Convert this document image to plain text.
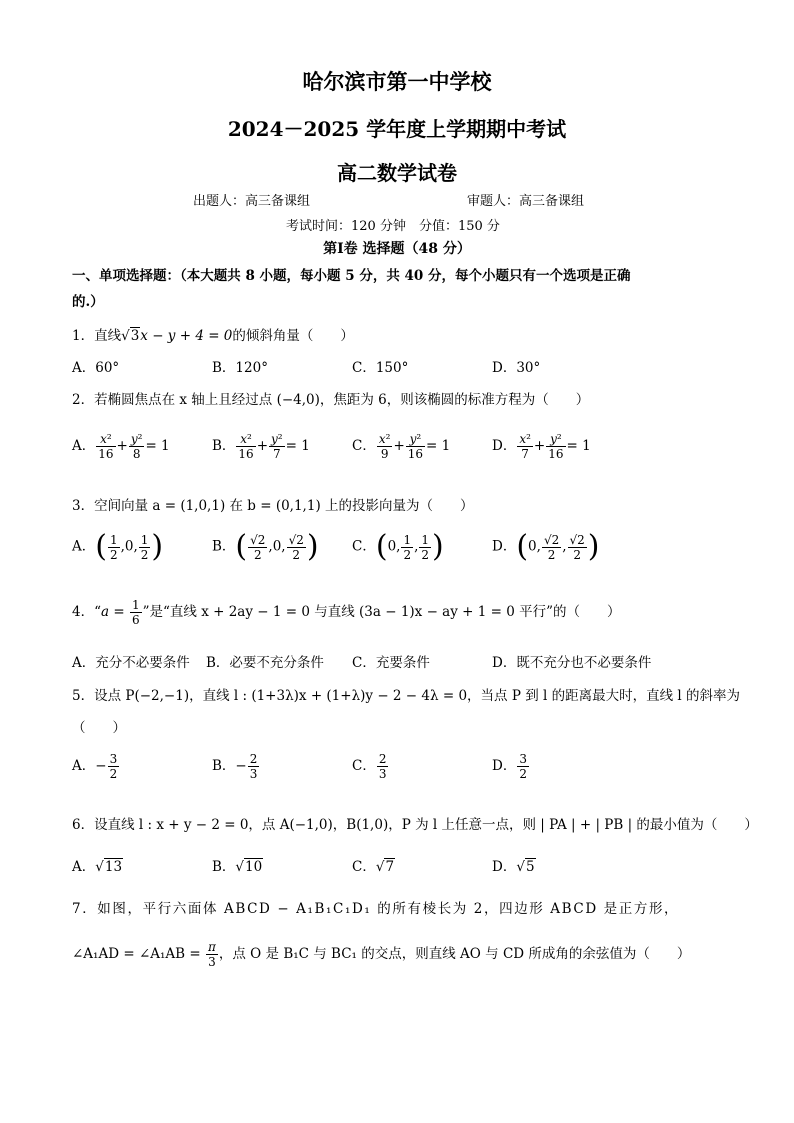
哈尔滨市第一中学校
2024－2025 学年度上学期期中考试
高二数学试卷
出题人：高三备课组	审题人：高三备课组
考试时间：120 分钟　分值：150 分
第Ⅰ卷 选择题（48 分）
一、单项选择题：（本大题共 8 小题，每小题 5 分，共 40 分，每个小题只有一个选项是正确
的.）
1．直线√3x − y + 4 = 0的倾斜角量（　　）
A．60°	B．120°	C．150°	D．30°
2．若椭圆焦点在 x 轴上且经过点 (−4,0)，焦距为 6，则该椭圆的标准方程为（　　）
A． $\frac{\text{x²}}{16} + \frac{\text{y²}}{8} = 1$	B． $\frac{\text{x²}}{16} + \frac{\text{y²}}{7} = 1$	C． $\frac{\text{x²}}{9} + \frac{\text{y²}}{16} = 1$	D． $\frac{\text{x²}}{7} + \frac{\text{y²}}{16} = 1$
3．空间向量 a = (1,0,1) 在 b = (0,1,1) 上的投影向量为（　　）
A．( $\frac{1}{2} ,0$, $\frac{1}{2}$ )	B．( $\frac{√2}{2} ,0$, $\frac{√2}{2}$ ) C．(0, $\frac{1}{2}$ , $\frac{1}{2}$ )	D．(0, $\frac{√2}{2}$ , $\frac{√2}{2}$ )
4．“$a = \frac{1}{6}$ ”是“直线 x + 2ay − 1 = 0 与直线 (3a − 1)x − ay + 1 = 0 平行”的（　　）
A．充分不必要条件 B．必要不充分条件 C．充要条件	D．既不充分也不必要条件
5．设点 P(−2,−1)，直线 l : (1+3λ)x + (1+λ)y − 2 − 4λ = 0，当点 P 到 l 的距离最大时，直线 l 的斜率为
（　　）
A．− $\frac{3}{2}$	B．− $\frac{2}{3}$	C． $\frac{2}{3}$	D． $\frac{3}{2}$
6．设直线 l : x + y − 2 = 0，点 A(−1,0)，B(1,0)，P 为 l 上任意一点，则 | PA | + | PB | 的最小值为（　　）
A．√13	B．√10	C．√7	D．√5
7．如图，平行六面体 ABCD − A₁B₁C₁D₁ 的所有棱长为 2，四边形 ABCD 是正方形，
∠A₁AD = ∠A₁AB = $\frac{\pi}{3}$ ，点 O 是 B₁C 与 BC₁ 的交点，则直线 AO 与 CD 所成角的余弦值为（　　）
